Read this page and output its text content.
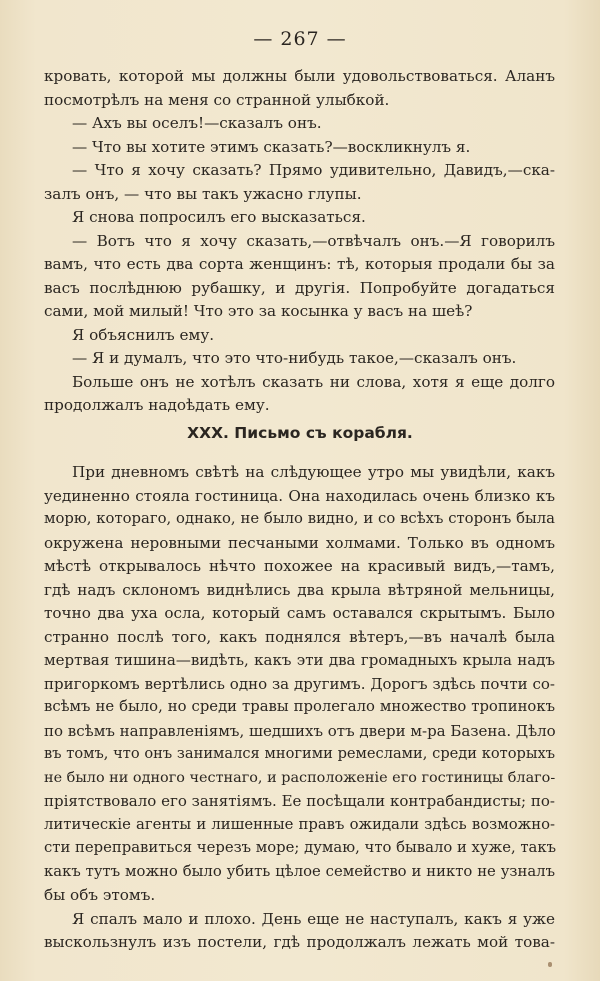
— 267 —
кровать, которой мы должны были удовольствоваться. Аланъ
посмотрѣлъ на меня со странной улыбкой.
— Ахъ вы оселъ!—сказалъ онъ.
— Что вы хотите этимъ сказать?—воскликнулъ я.
— Что я хочу сказать? Прямо удивительно, Давидъ,—ска-
залъ онъ, — что вы такъ ужасно глупы.
Я снова попросилъ его высказаться.
— Вотъ что я хочу сказать,—отвѣчалъ онъ.—Я говорилъ
вамъ, что есть два сорта женщинъ: тѣ, которыя продали бы за
васъ послѣднюю рубашку, и другія. Попробуйте догадаться
сами, мой милый! Что это за косынка у васъ на шеѣ?
Я объяснилъ ему.
— Я и думалъ, что это что-нибудь такое,—сказалъ онъ.
Больше онъ не хотѣлъ сказать ни слова, хотя я еще долго
продолжалъ надоѣдать ему.
XXX. Письмо съ корабля.
При дневномъ свѣтѣ на слѣдующее утро мы увидѣли, какъ
уединенно стояла гостиница. Она находилась очень близко къ
морю, котораго, однако, не было видно, и со всѣхъ сторонъ была
окружена неровными песчаными холмами. Только въ одномъ
мѣстѣ открывалось нѣчто похожее на красивый видъ,—тамъ,
гдѣ надъ склономъ виднѣлись два крыла вѣтряной мельницы,
точно два уха осла, который самъ оставался скрытымъ. Было
странно послѣ того, какъ поднялся вѣтеръ,—въ началѣ была
мертвая тишина—видѣть, какъ эти два громадныхъ крыла надъ
пригоркомъ вертѣлись одно за другимъ. Дорогъ здѣсь почти со-
всѣмъ не было, но среди травы пролегало множество тропинокъ
по всѣмъ направленіямъ, шедшихъ отъ двери м-ра Базена. Дѣло
въ томъ, что онъ занимался многими ремеслами, среди которыхъ
не было ни одного честнаго, и расположеніе его гостиницы благо-
пріятствовало его занятіямъ. Ее посѣщали контрабандисты; по-
литическіе агенты и лишенные правъ ожидали здѣсь возможно-
сти переправиться черезъ море; думаю, что бывало и хуже, такъ
какъ тутъ можно было убить цѣлое семейство и никто не узналъ
бы объ этомъ.
Я спалъ мало и плохо. День еще не наступалъ, какъ я уже
выскользнулъ изъ постели, гдѣ продолжалъ лежать мой това-
